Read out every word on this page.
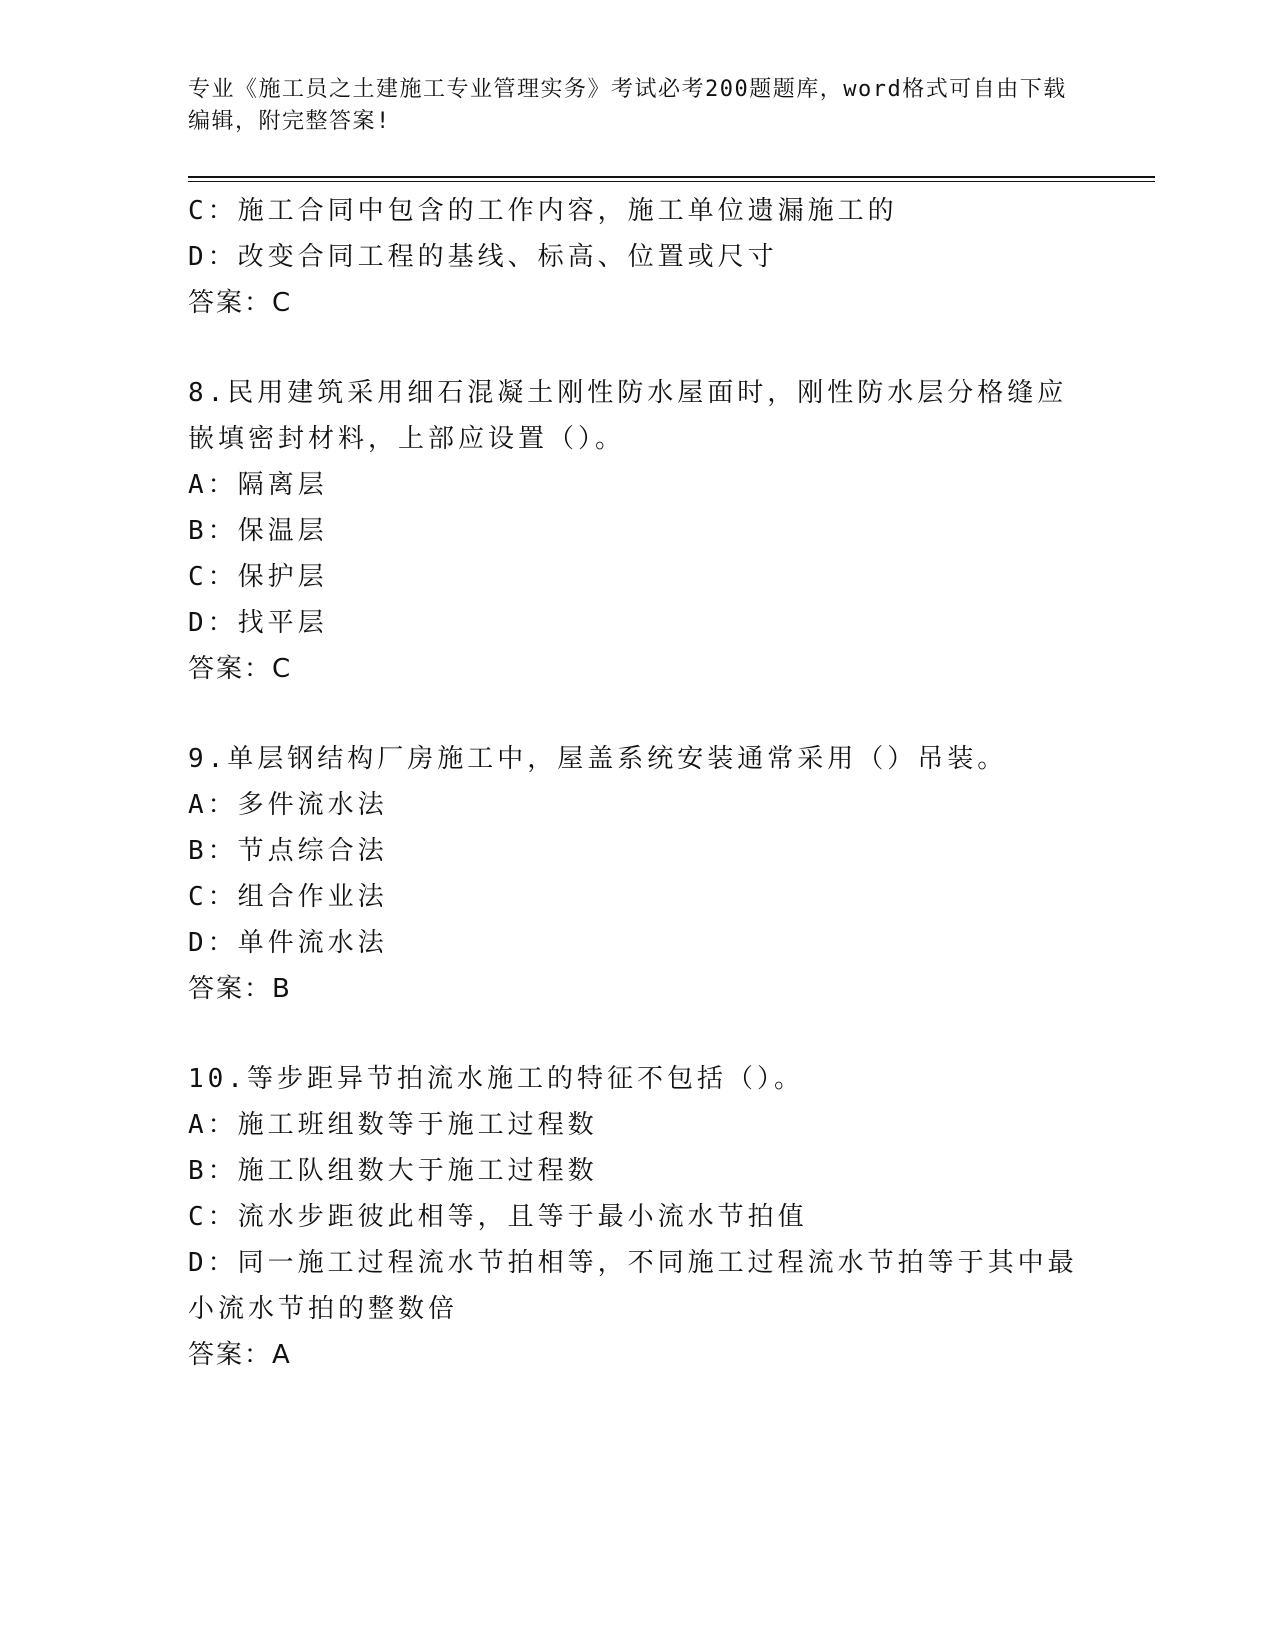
专业《施工员之土建施工专业管理实务》考试必考200题题库，word格式可自由下载编辑，附完整答案!
C：施工合同中包含的工作内容，施工单位遗漏施工的
D：改变合同工程的基线、标高、位置或尺寸
答案：C
8.民用建筑采用细石混凝土刚性防水屋面时，刚性防水层分格缝应嵌填密封材料，上部应设置（）。
A：隔离层
B：保温层
C：保护层
D：找平层
答案：C
9.单层钢结构厂房施工中，屋盖系统安装通常采用（）吊装。
A：多件流水法
B：节点综合法
C：组合作业法
D：单件流水法
答案：B
10.等步距异节拍流水施工的特征不包括（）。
A：施工班组数等于施工过程数
B：施工队组数大于施工过程数
C：流水步距彼此相等，且等于最小流水节拍值
D：同一施工过程流水节拍相等，不同施工过程流水节拍等于其中最小流水节拍的整数倍
答案：A
